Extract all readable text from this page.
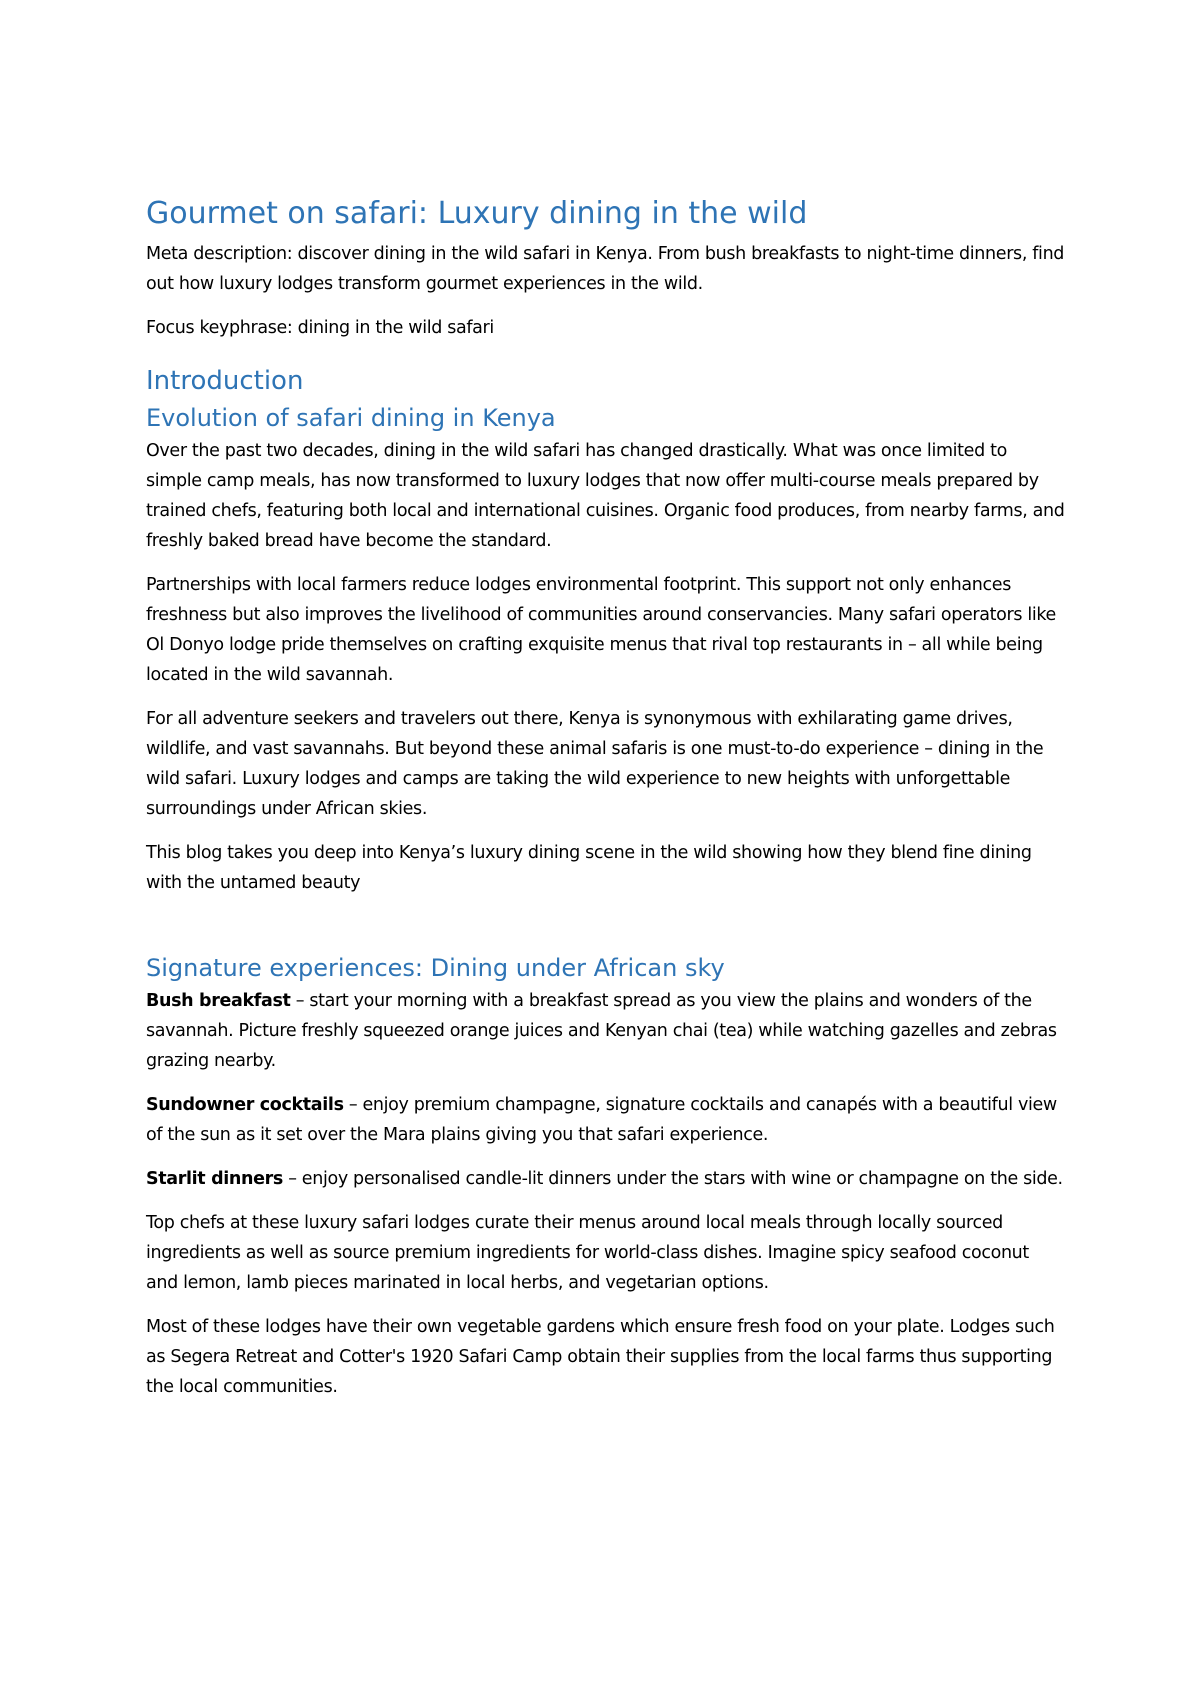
Gourmet on safari: Luxury dining in the wild

Meta description: discover dining in the wild safari in Kenya. From bush breakfasts to night-time dinners, find out how luxury lodges transform gourmet experiences in the wild.

Focus keyphrase: dining in the wild safari

Introduction
Evolution of safari dining in Kenya

Over the past two decades, dining in the wild safari has changed drastically. What was once limited to simple camp meals, has now transformed to luxury lodges that now offer multi-course meals prepared by trained chefs, featuring both local and international cuisines. Organic food produces, from nearby farms, and freshly baked bread have become the standard.

Partnerships with local farmers reduce lodges environmental footprint. This support not only enhances freshness but also improves the livelihood of communities around conservancies. Many safari operators like Ol Donyo lodge pride themselves on crafting exquisite menus that rival top restaurants in – all while being located in the wild savannah.

For all adventure seekers and travelers out there, Kenya is synonymous with exhilarating game drives, wildlife, and vast savannahs. But beyond these animal safaris is one must-to-do experience – dining in the wild safari. Luxury lodges and camps are taking the wild experience to new heights with unforgettable surroundings under African skies.

This blog takes you deep into Kenya’s luxury dining scene in the wild showing how they blend fine dining with the untamed beauty

Signature experiences: Dining under African sky

Bush breakfast – start your morning with a breakfast spread as you view the plains and wonders of the savannah. Picture freshly squeezed orange juices and Kenyan chai (tea) while watching gazelles and zebras grazing nearby.

Sundowner cocktails – enjoy premium champagne, signature cocktails and canapés with a beautiful view of the sun as it set over the Mara plains giving you that safari experience.

Starlit dinners – enjoy personalised candle-lit dinners under the stars with wine or champagne on the side.

Top chefs at these luxury safari lodges curate their menus around local meals through locally sourced ingredients as well as source premium ingredients for world-class dishes. Imagine spicy seafood coconut and lemon, lamb pieces marinated in local herbs, and vegetarian options.

Most of these lodges have their own vegetable gardens which ensure fresh food on your plate. Lodges such as Segera Retreat and Cotter's 1920 Safari Camp obtain their supplies from the local farms thus supporting the local communities.
